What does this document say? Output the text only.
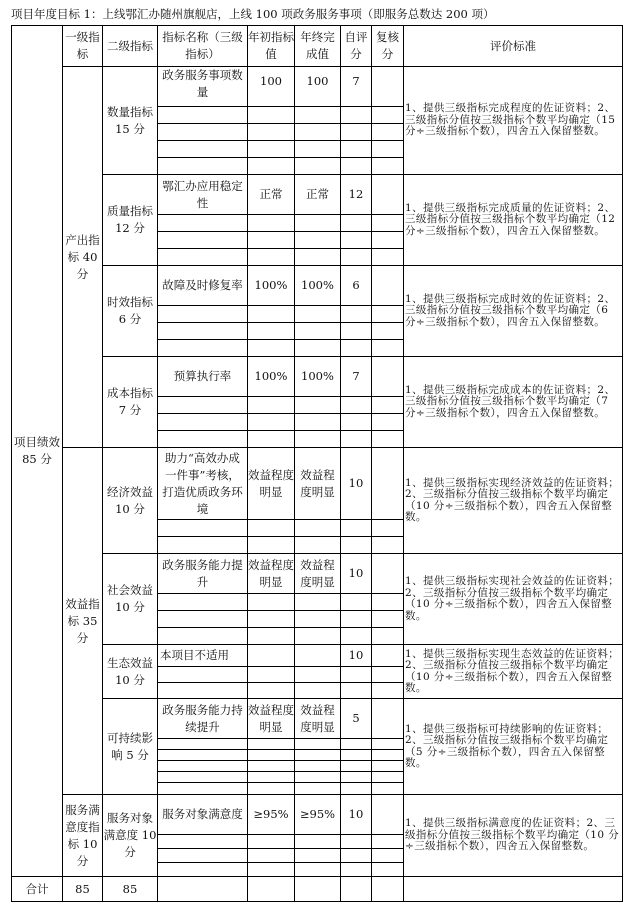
项目年度目标 1：上线鄂汇办随州旗舰店，上线 100 项政务服务事项（即服务总数达 200 项）
项目绩效85 分	一级指标	二级指标	指标名称（三级指标）	年初指标值	年终完成值	自评分	复核分	评价标准
	产出指标 40分	数量指标 15 分	政务服务事项数量	100	100	7		1、提供三级指标完成程度的佐证资料；2、三级指标分值按三级指标个数平均确定（15 分÷三级指标个数），四舍五入保留整数。

		质量指标 12 分	鄂汇办应用稳定性	正常	正常	12		1、提供三级指标完成质量的佐证资料；2、三级指标分值按三级指标个数平均确定（12 分÷三级指标个数），四舍五入保留整数。

		时效指标 6 分	故障及时修复率	100%	100%	6		1、提供三级指标完成时效的佐证资料；2、三级指标分值按三级指标个数平均确定（6 分÷三级指标个数），四舍五入保留整数。

		成本指标 7 分	预算执行率	100%	100%	7		1、提供三级指标完成成本的佐证资料；2、三级指标分值按三级指标个数平均确定（7 分÷三级指标个数），四舍五入保留整数。

	效益指标 35分	经济效益 10 分	助力“高效办成一件事”考核，打造优质政务环境	效益程度明显	效益程度明显	10		1、提供三级指标实现经济效益的佐证资料；2、三级指标分值按三级指标个数平均确定（10 分÷三级指标个数），四舍五入保留整数。

		社会效益 10 分	政务服务能力提升	效益程度明显	效益程度明显	10		1、提供三级指标实现社会效益的佐证资料；2、三级指标分值按三级指标个数平均确定（10 分÷三级指标个数），四舍五入保留整数。

		生态效益 10 分	本项目不适用			10		1、提供三级指标实现生态效益的佐证资料；2、三级指标分值按三级指标个数平均确定（10 分÷三级指标个数），四舍五入保留整数。

		可持续影响 5 分	政务服务能力持续提升	效益程度明显	效益程度明显	5		1、提供三级指标可持续影响的佐证资料；2、三级指标分值按三级指标个数平均确定（5 分÷三级指标个数），四舍五入保留整数。

	服务满意度指标 10 分	服务对象满意度 10 分	服务对象满意度	≥95%	≥95%	10		1、提供三级指标满意度的佐证资料；2、三级指标分值按三级指标个数平均确定（10 分÷三级指标个数），四舍五入保留整数。

合计	85	85						
